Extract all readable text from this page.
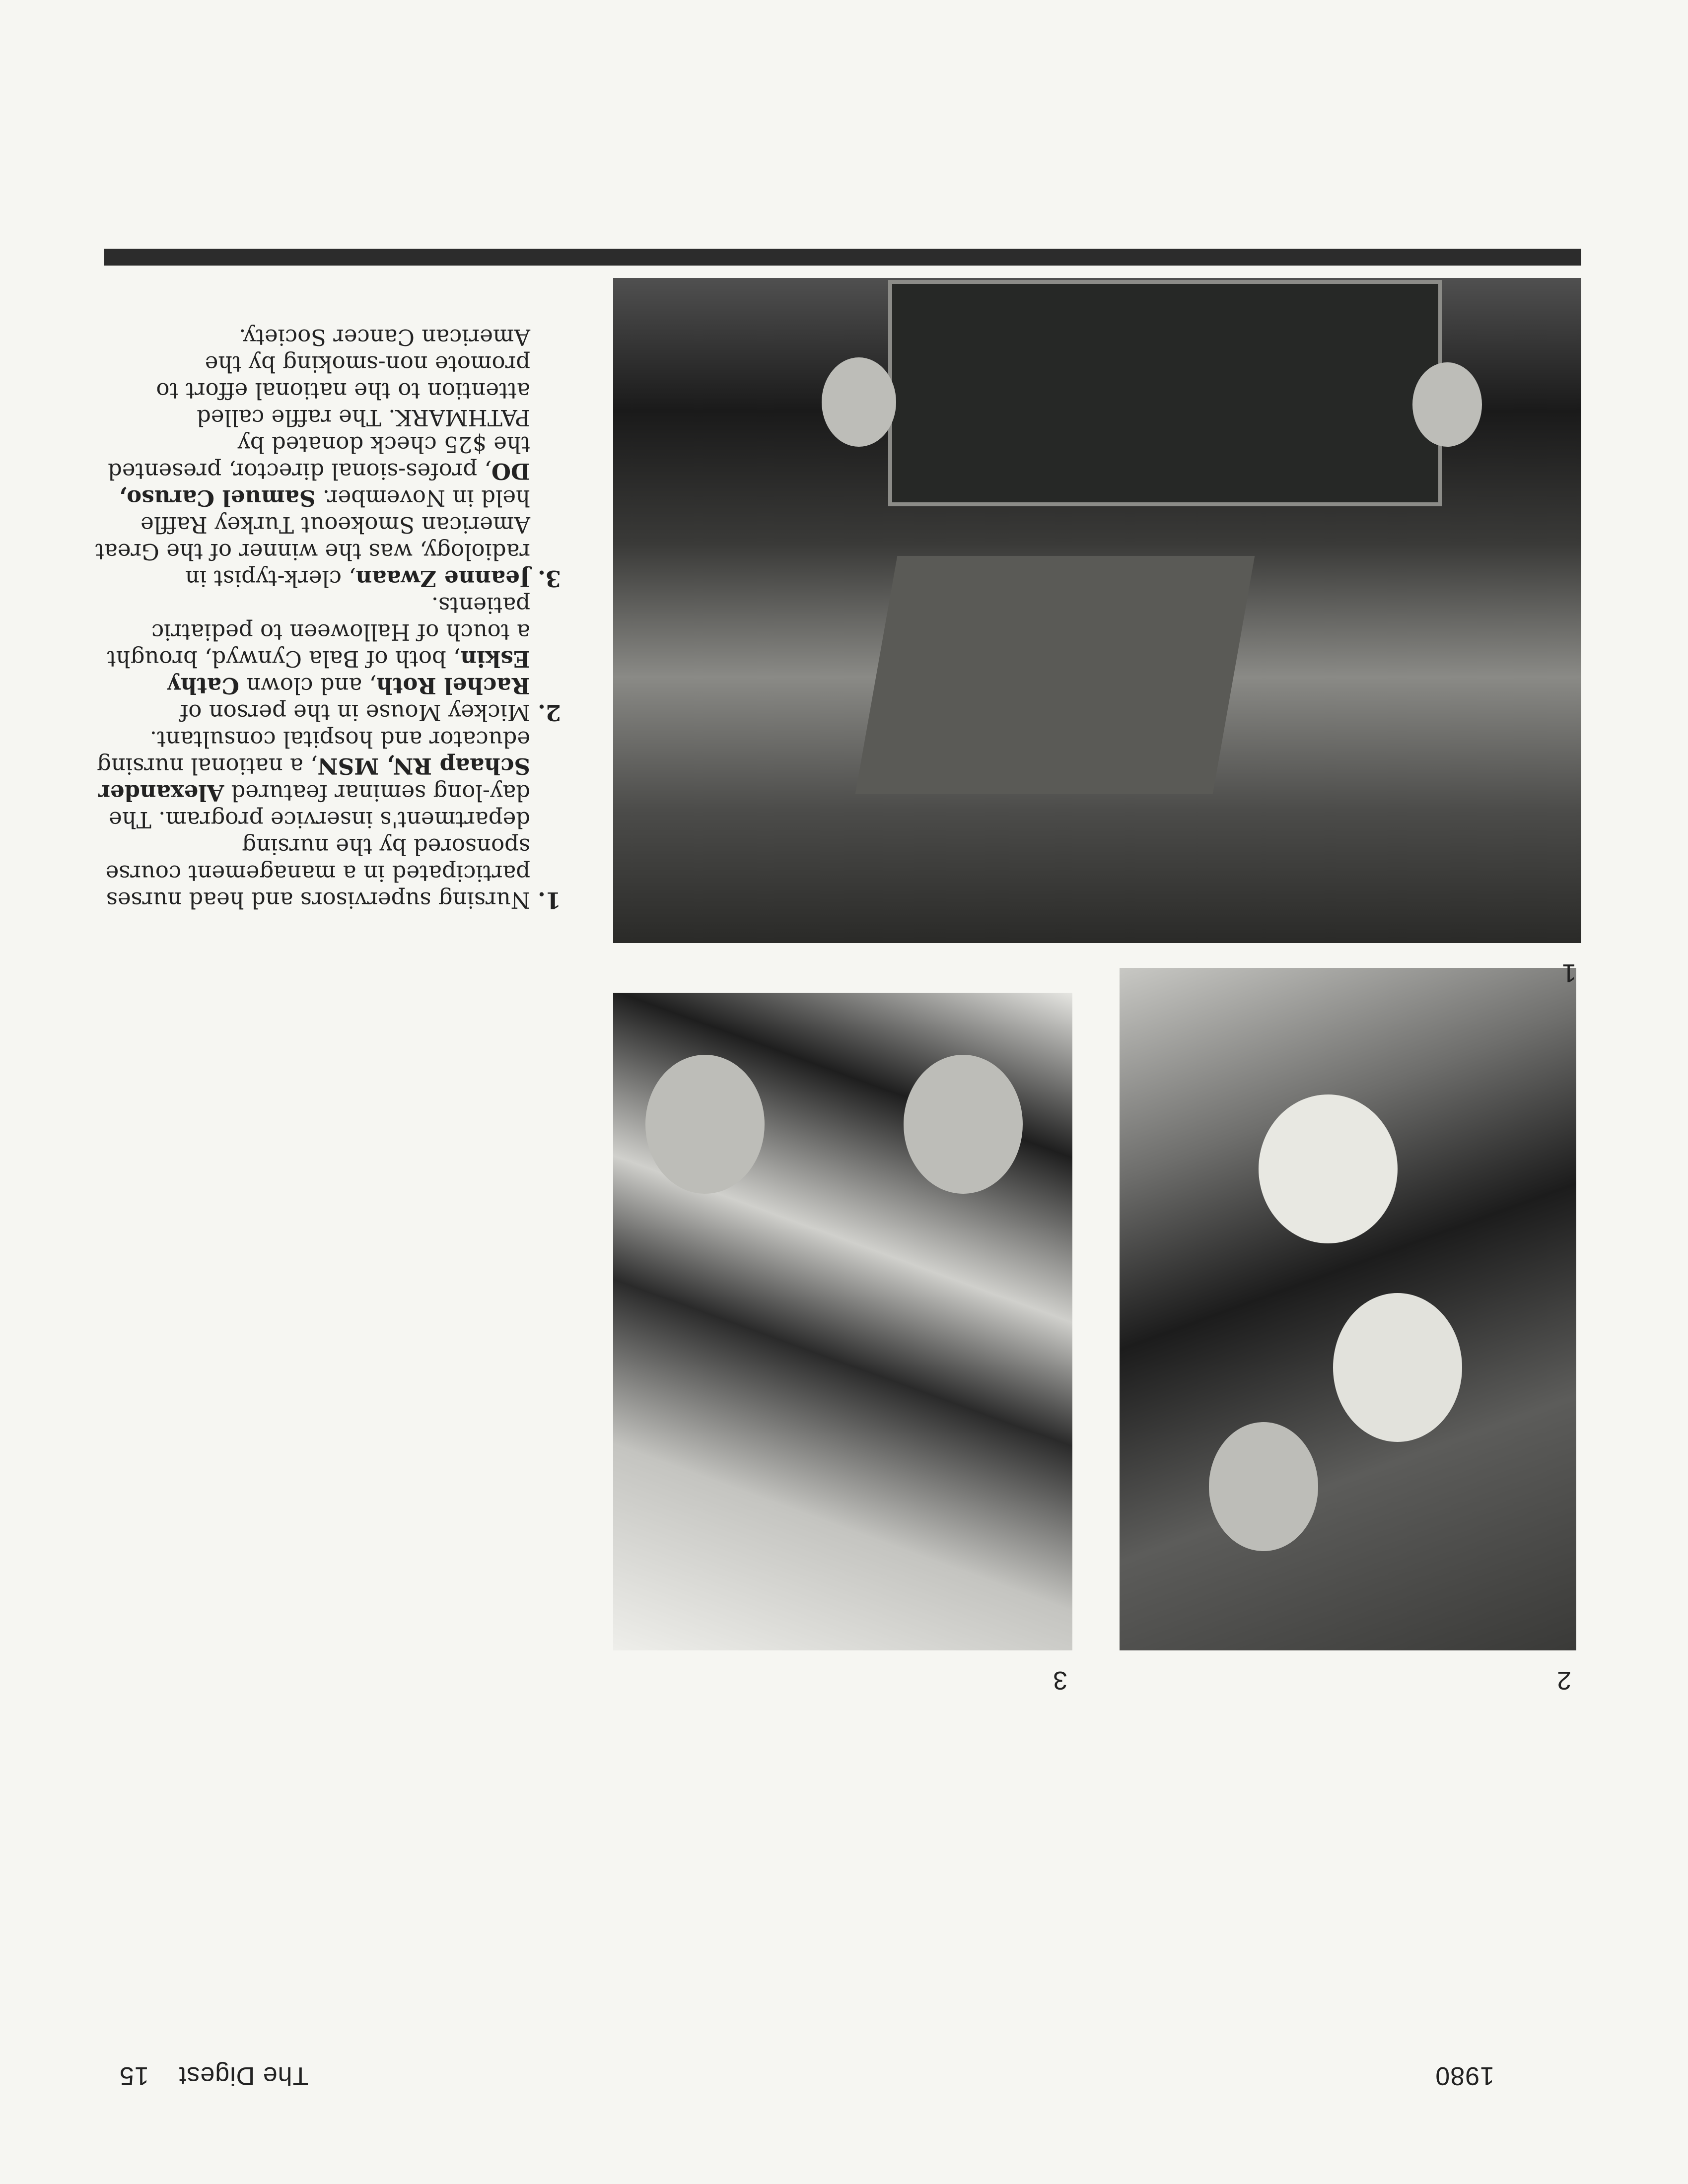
1980
The Digest15
2
3
1
1.
Nursing supervisors and head nurses participated in a management course sponsored by the nursing department's inservice program. The day-long seminar featured Alexander Schaap RN, MSN, a national nursing educator and hospital consultant.
2.
Mickey Mouse in the person of Rachel Roth, and clown Cathy Eskin, both of Bala Cynwyd, brought a touch of Halloween to pediatric patients.
3.
Jeanne Zwaan, clerk-typist in radiology, was the winner of the Great American Smokeout Turkey Raffle held in November. Samuel Caruso, DO, profes-sional director, presented the $25 check donated by PATHMARK. The raffle called attention to the national effort to promote non-smoking by the American Cancer Society.
